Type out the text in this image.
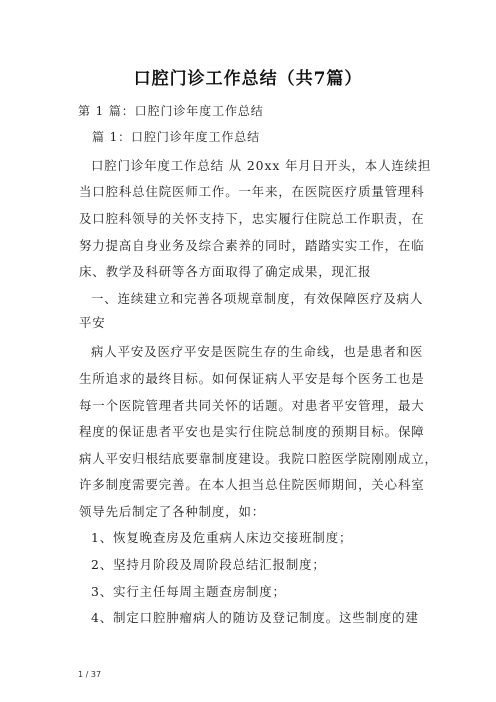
口腔门诊工作总结（共7篇）
第 1 篇：口腔门诊年度工作总结
篇 1：口腔门诊年度工作总结
口腔门诊年度工作总结 从 20xx 年月日开头，本人连续担
当口腔科总住院医师工作。一年来，在医院医疗质量管理科
及口腔科领导的关怀支持下，忠实履行住院总工作职责，在
努力提高自身业务及综合素养的同时，踏踏实实工作，在临
床、教学及科研等各方面取得了确定成果，现汇报
一、连续建立和完善各项规章制度，有效保障医疗及病人
平安
病人平安及医疗平安是医院生存的生命线，也是患者和医
生所追求的最终目标。如何保证病人平安是每个医务工也是
每一个医院管理者共同关怀的话题。对患者平安管理，最大
程度的保证患者平安也是实行住院总制度的预期目标。保障
病人平安归根结底要靠制度建设。我院口腔医学院刚刚成立，
许多制度需要完善。在本人担当总住院医师期间，关心科室
领导先后制定了各种制度，如：
1、恢复晚查房及危重病人床边交接班制度；
2、坚持月阶段及周阶段总结汇报制度；
3、实行主任每周主题查房制度；
4、制定口腔肿瘤病人的随访及登记制度。这些制度的建
1 / 37
